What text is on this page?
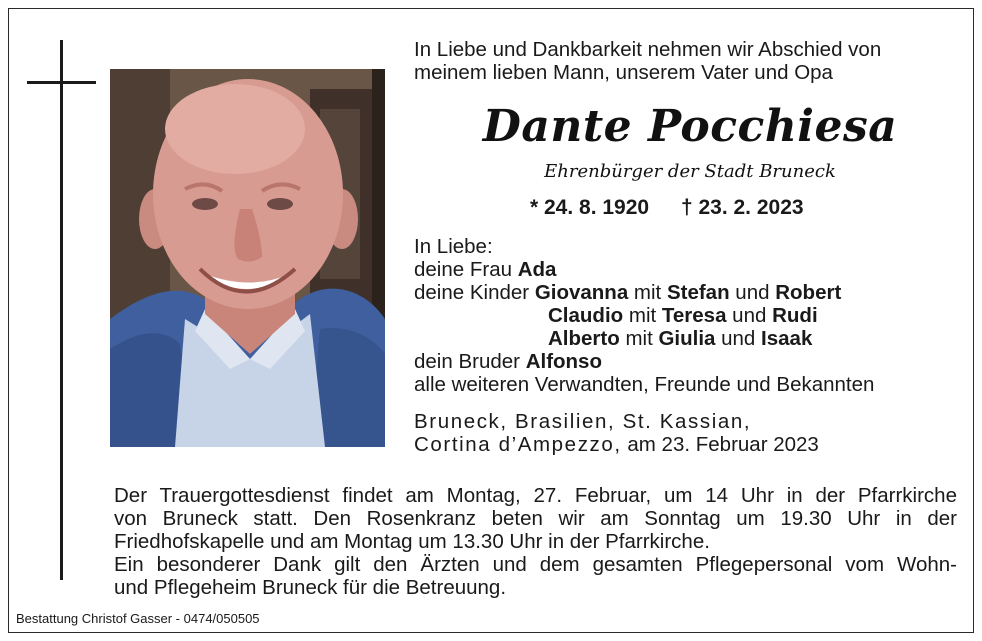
In Liebe und Dankbarkeit nehmen wir Abschied von
meinem lieben Mann, unserem Vater und Opa
Dante Pocchiesa
Ehrenbürger der Stadt Bruneck
* 24. 8. 1920 † 23. 2. 2023
In Liebe:
deine Frau Ada
deine Kinder Giovanna mit Stefan und Robert
Claudio mit Teresa und Rudi
Alberto mit Giulia und Isaak
dein Bruder Alfonso
alle weiteren Verwandten, Freunde und Bekannten
Bruneck, Brasilien, St. Kassian,
Cortina d’Ampezzo, am 23. Februar 2023
Der Trauergottesdienst findet am Montag, 27. Februar, um 14 Uhr in der Pfarrkirche
von Bruneck statt. Den Rosenkranz beten wir am Sonntag um 19.30 Uhr in der
Friedhofskapelle und am Montag um 13.30 Uhr in der Pfarrkirche.
Ein besonderer Dank gilt den Ärzten und dem gesamten Pflegepersonal vom Wohn-
und Pflegeheim Bruneck für die Betreuung.
Bestattung Christof Gasser - 0474/050505
